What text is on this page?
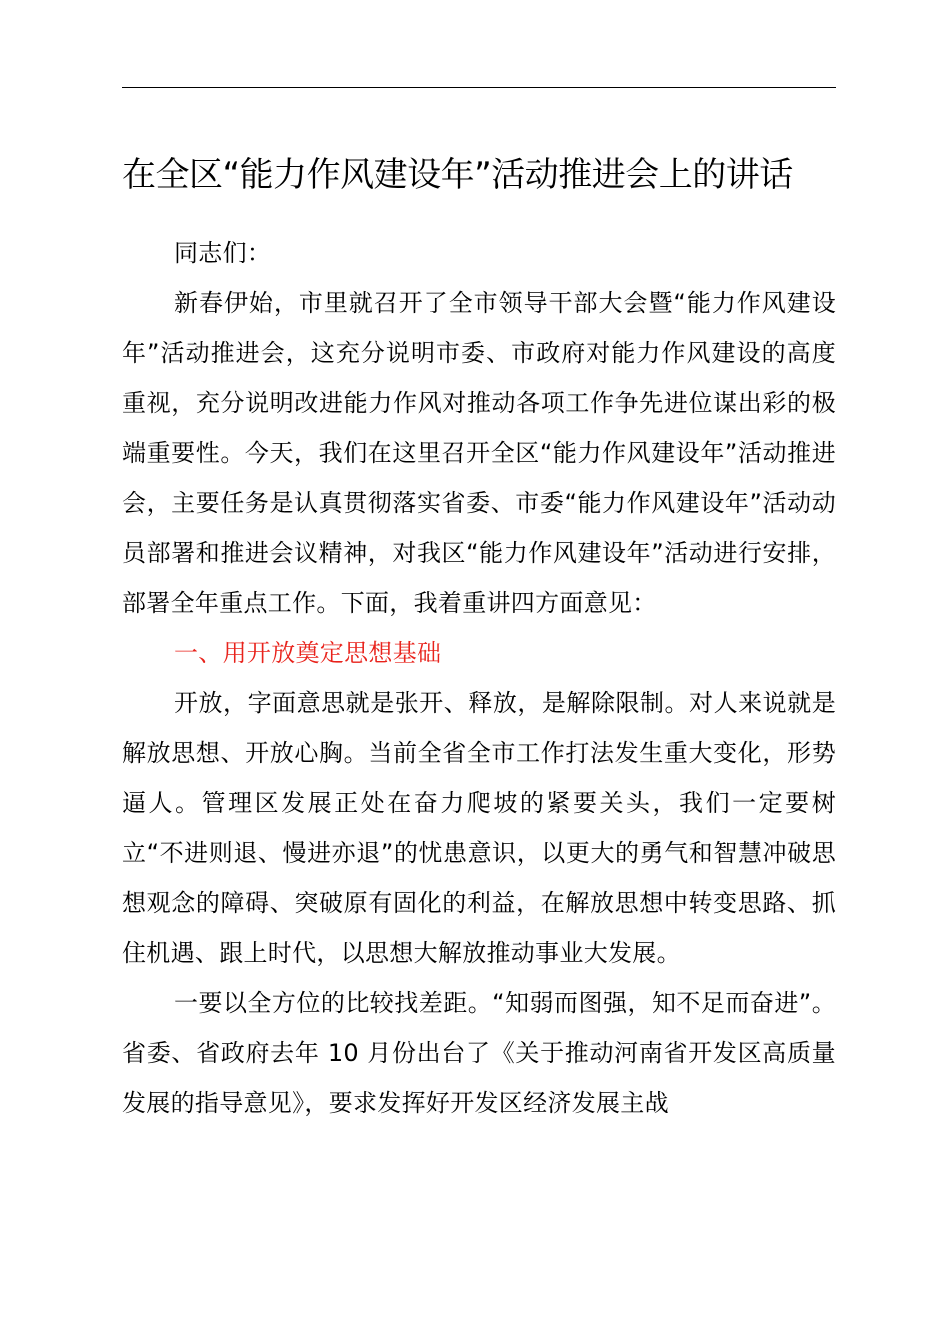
在全区“能力作风建设年”活动推进会上的讲话

同志们：

新春伊始，市里就召开了全市领导干部大会暨“能力作风建设年”活动推进会，这充分说明市委、市政府对能力作风建设的高度重视，充分说明改进能力作风对推动各项工作争先进位谋出彩的极端重要性。今天，我们在这里召开全区“能力作风建设年”活动推进会，主要任务是认真贯彻落实省委、市委“能力作风建设年”活动动员部署和推进会议精神，对我区“能力作风建设年”活动进行安排，部署全年重点工作。下面，我着重讲四方面意见：

一、用开放奠定思想基础

开放，字面意思就是张开、释放，是解除限制。对人来说就是解放思想、开放心胸。当前全省全市工作打法发生重大变化，形势逼人。管理区发展正处在奋力爬坡的紧要关头，我们一定要树立“不进则退、慢进亦退”的忧患意识，以更大的勇气和智慧冲破思想观念的障碍、突破原有固化的利益，在解放思想中转变思路、抓住机遇、跟上时代，以思想大解放推动事业大发展。

一要以全方位的比较找差距。“知弱而图强，知不足而奋进”。省委、省政府去年 10 月份出台了《关于推动河南省开发区高质量发展的指导意见》，要求发挥好开发区经济发展主战
